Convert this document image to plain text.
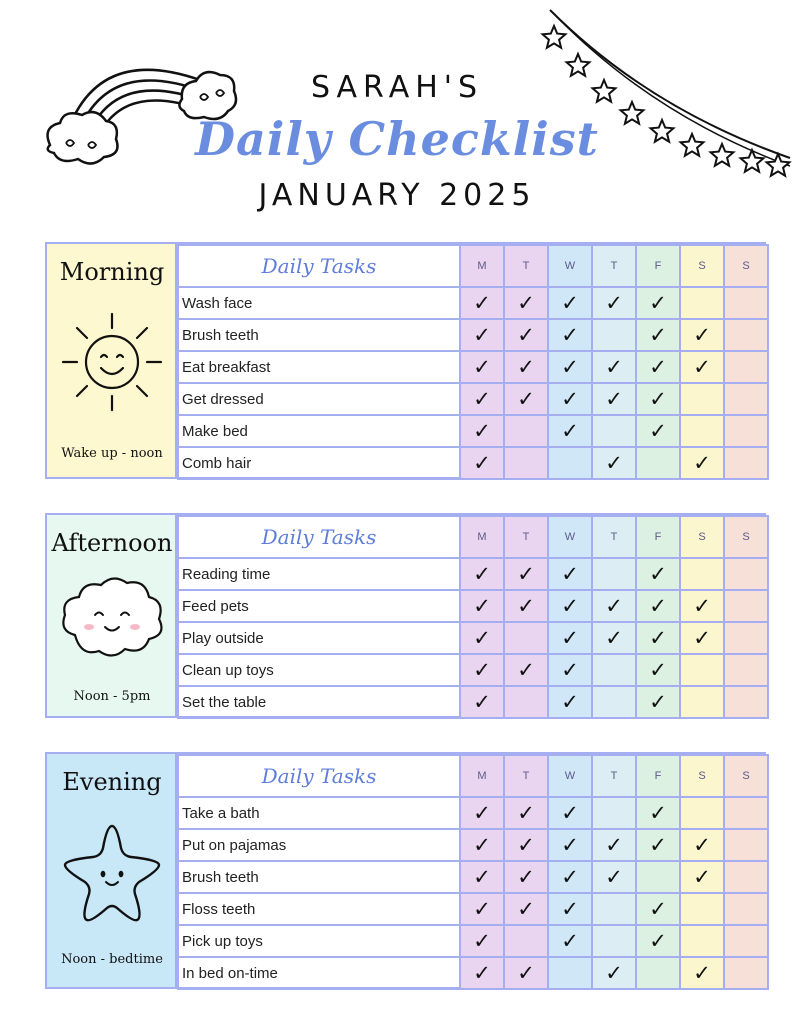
SARAH'S
Daily Checklist
JANUARY 2025
Morning
Wake up - noon
Daily Tasks	M	T	W	T	F	S	S
Wash face	✓	✓	✓	✓	✓		
Brush teeth	✓	✓	✓		✓	✓	
Eat breakfast	✓	✓	✓	✓	✓	✓	
Get dressed	✓	✓	✓	✓	✓		
Make bed	✓		✓		✓		
Comb hair	✓			✓		✓	
Afternoon
Noon - 5pm
Daily Tasks	M	T	W	T	F	S	S
Reading time	✓	✓	✓		✓		
Feed pets	✓	✓	✓	✓	✓	✓	
Play outside	✓		✓	✓	✓	✓	
Clean up toys	✓	✓	✓		✓		
Set the table	✓		✓		✓		
Evening
Noon - bedtime
Daily Tasks	M	T	W	T	F	S	S
Take a bath	✓	✓	✓		✓		
Put on pajamas	✓	✓	✓	✓	✓	✓	
Brush teeth	✓	✓	✓	✓		✓	
Floss teeth	✓	✓	✓		✓		
Pick up toys	✓		✓		✓		
In bed on-time	✓	✓		✓		✓	
